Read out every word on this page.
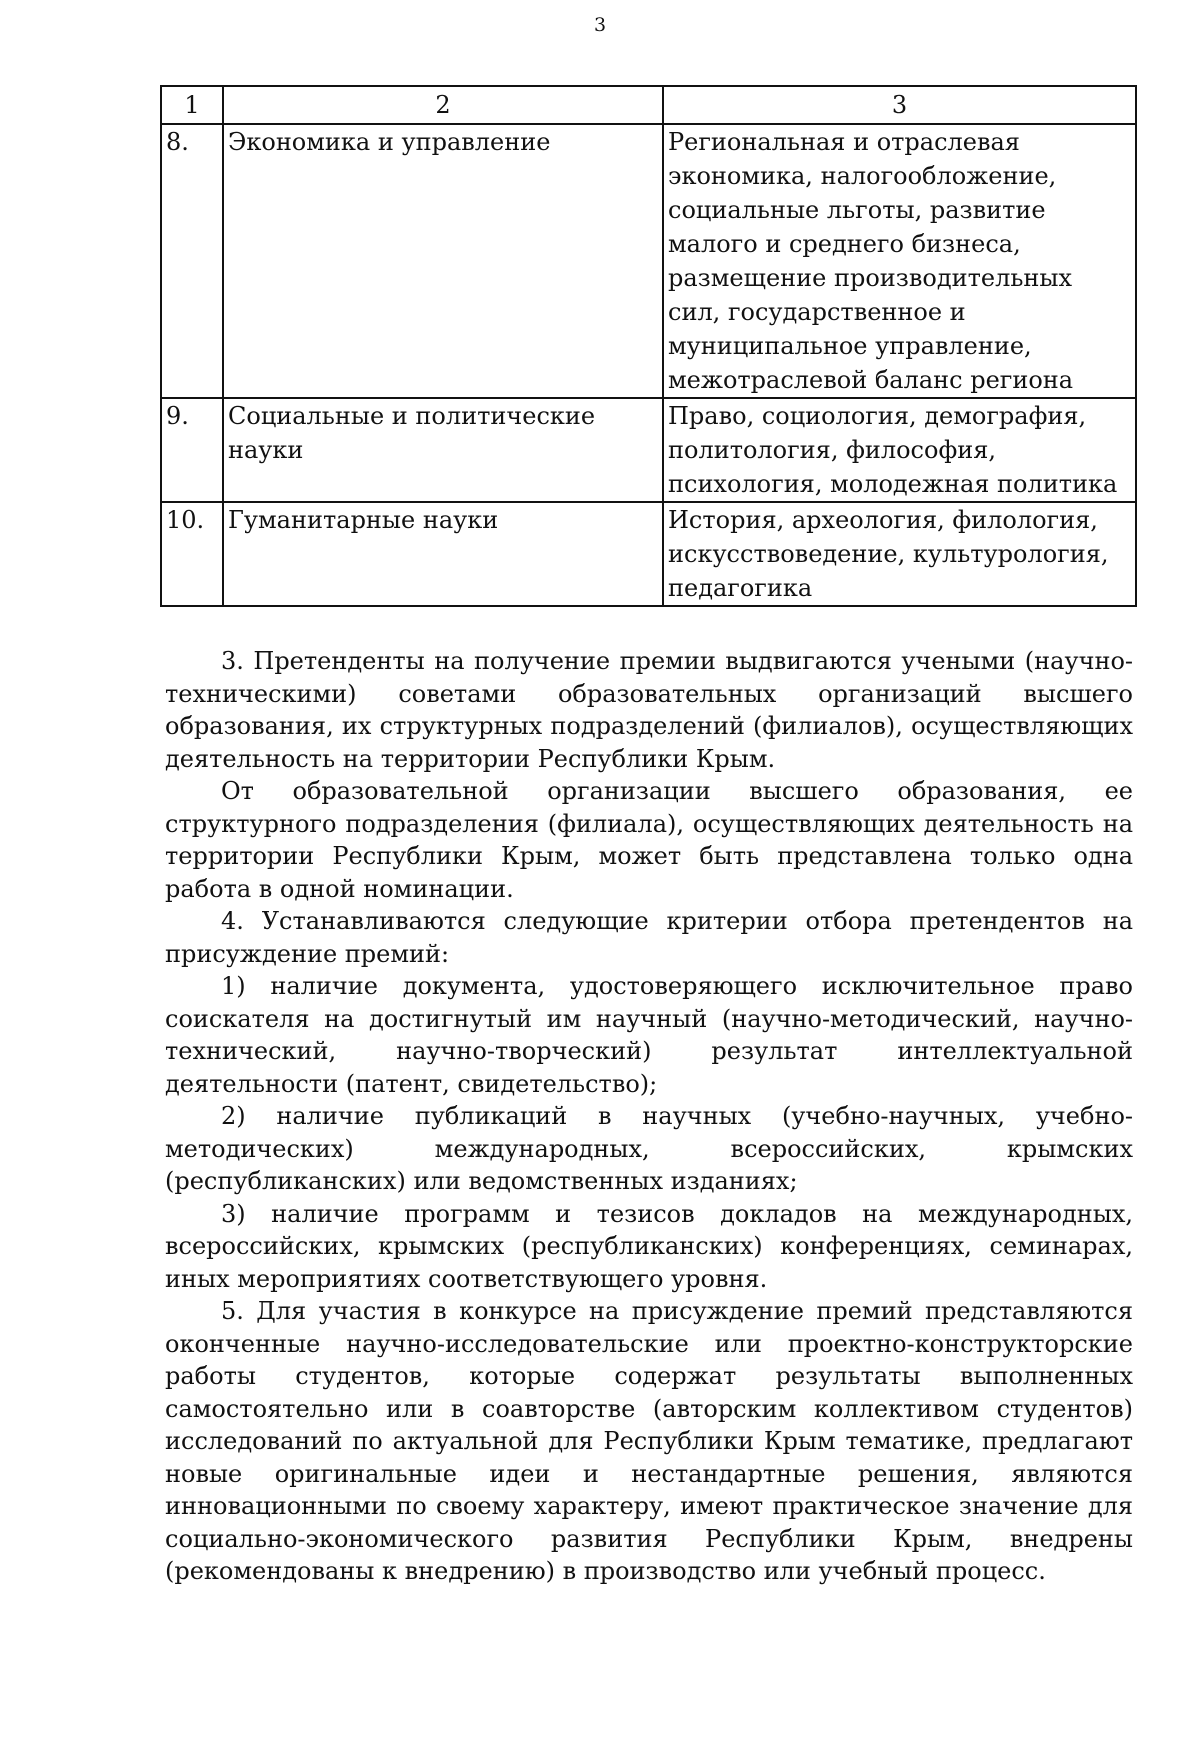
3
1	2	3
8.	Экономика и управление	Региональная и отраслевая экономика, налогообложение, социальные льготы, развитие малого и среднего бизнеса, размещение производительных сил, государственное и муниципальное управление, межотраслевой баланс региона
9.	Социальные и политические науки	Право, социология, демография, политология, философия, психология, молодежная политика
10.	Гуманитарные науки	История, археология, филология, искусствоведение, культурология, педагогика

3. Претенденты на получение премии выдвигаются учеными (научно-техническими) советами образовательных организаций высшего образования, их структурных подразделений (филиалов), осуществляющих деятельность на территории Республики Крым.

От образовательной организации высшего образования, ее структурного подразделения (филиала), осуществляющих деятельность на территории Республики Крым, может быть представлена только одна работа в одной номинации.

4. Устанавливаются следующие критерии отбора претендентов на присуждение премий:

1) наличие документа, удостоверяющего исключительное право соискателя на достигнутый им научный (научно-методический, научно-технический, научно-творческий) результат интеллектуальной деятельности (патент, свидетельство);

2) наличие публикаций в научных (учебно-научных, учебно-методических) международных, всероссийских, крымских (республиканских) или ведомственных изданиях;

3) наличие программ и тезисов докладов на международных, всероссийских, крымских (республиканских) конференциях, семинарах, иных мероприятиях соответствующего уровня.

5. Для участия в конкурсе на присуждение премий представляются оконченные научно-исследовательские или проектно-конструкторские работы студентов, которые содержат результаты выполненных самостоятельно или в соавторстве (авторским коллективом студентов) исследований по актуальной для Республики Крым тематике, предлагают новые оригинальные идеи и нестандартные решения, являются инновационными по своему характеру, имеют практическое значение для социально-экономического развития Республики Крым, внедрены (рекомендованы к внедрению) в производство или учебный процесс.
